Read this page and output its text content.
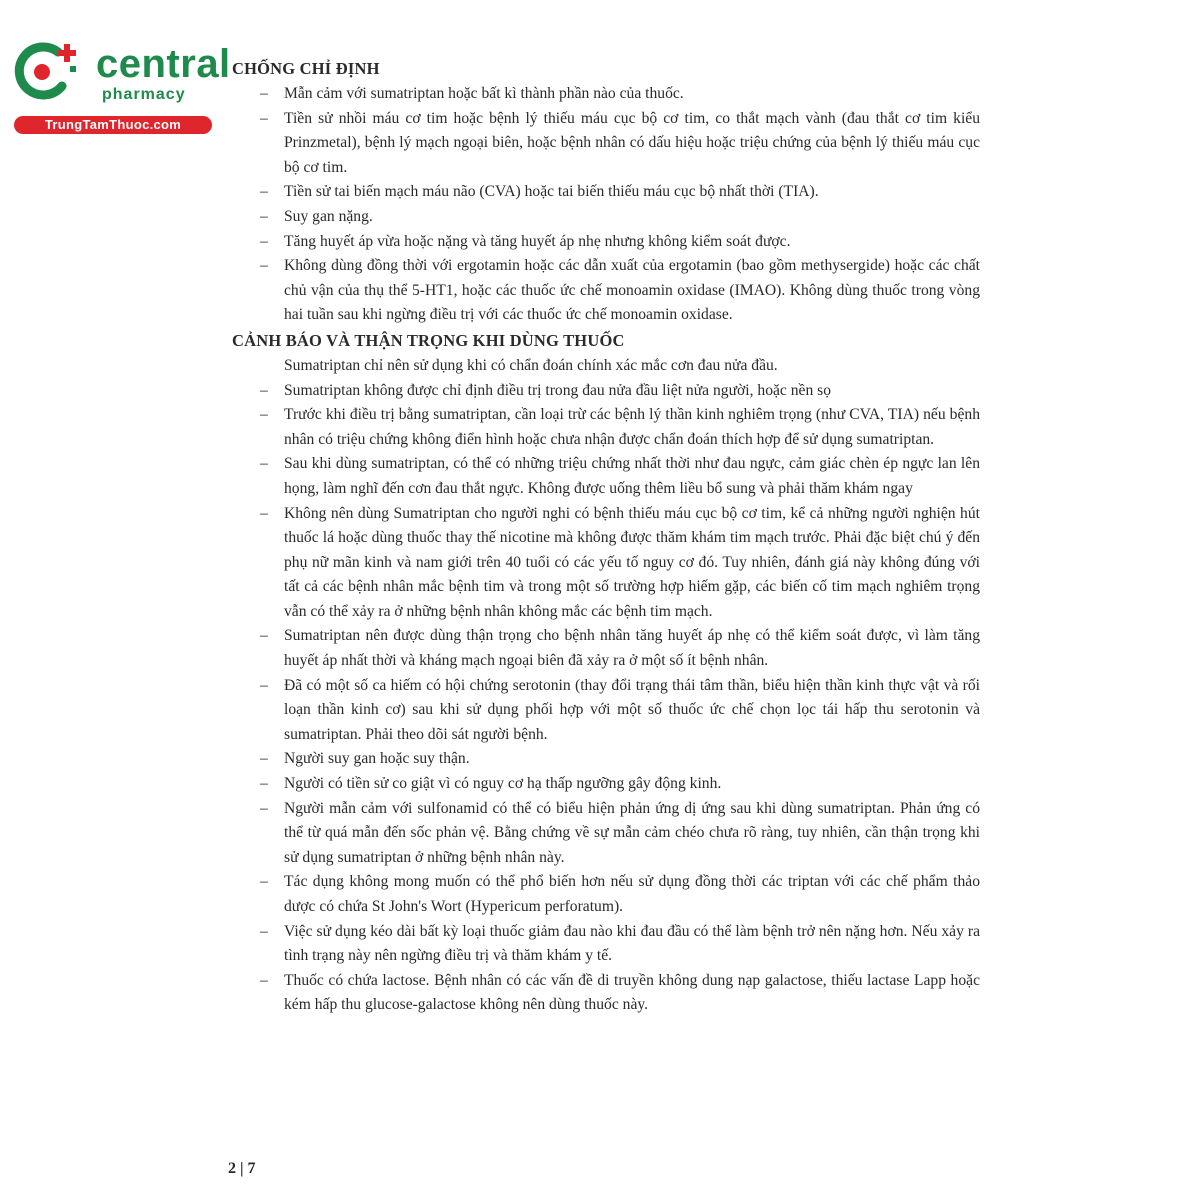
central
pharmacy
TrungTamThuoc.com
CHỐNG CHỈ ĐỊNH
– Mẫn cảm với sumatriptan hoặc bất kì thành phần nào của thuốc.
– Tiền sử nhồi máu cơ tim hoặc bệnh lý thiếu máu cục bộ cơ tim, co thắt mạch vành (đau thắt cơ tim kiểu Prinzmetal), bệnh lý mạch ngoại biên, hoặc bệnh nhân có dấu hiệu hoặc triệu chứng của bệnh lý thiếu máu cục bộ cơ tim.
– Tiền sử tai biến mạch máu não (CVA) hoặc tai biến thiếu máu cục bộ nhất thời (TIA).
– Suy gan nặng.
– Tăng huyết áp vừa hoặc nặng và tăng huyết áp nhẹ nhưng không kiểm soát được.
– Không dùng đồng thời với ergotamin hoặc các dẫn xuất của ergotamin (bao gồm methysergide) hoặc các chất chủ vận của thụ thể 5-HT1, hoặc các thuốc ức chế monoamin oxidase (IMAO). Không dùng thuốc trong vòng hai tuần sau khi ngừng điều trị với các thuốc ức chế monoamin oxidase.
CẢNH BÁO VÀ THẬN TRỌNG KHI DÙNG THUỐC
Sumatriptan chỉ nên sử dụng khi có chẩn đoán chính xác mắc cơn đau nửa đầu.
– Sumatriptan không được chỉ định điều trị trong đau nửa đầu liệt nửa người, hoặc nền sọ
– Trước khi điều trị bằng sumatriptan, cần loại trừ các bệnh lý thần kinh nghiêm trọng (như CVA, TIA) nếu bệnh nhân có triệu chứng không điển hình hoặc chưa nhận được chẩn đoán thích hợp để sử dụng sumatriptan.
– Sau khi dùng sumatriptan, có thể có những triệu chứng nhất thời như đau ngực, cảm giác chèn ép ngực lan lên họng, làm nghĩ đến cơn đau thắt ngực. Không được uống thêm liều bổ sung và phải thăm khám ngay
– Không nên dùng Sumatriptan cho người nghi có bệnh thiếu máu cục bộ cơ tim, kể cả những người nghiện hút thuốc lá hoặc dùng thuốc thay thế nicotine mà không được thăm khám tim mạch trước. Phải đặc biệt chú ý đến phụ nữ mãn kinh và nam giới trên 40 tuổi có các yếu tố nguy cơ đó. Tuy nhiên, đánh giá này không đúng với tất cả các bệnh nhân mắc bệnh tim và trong một số trường hợp hiếm gặp, các biến cố tim mạch nghiêm trọng vẫn có thể xảy ra ở những bệnh nhân không mắc các bệnh tim mạch.
– Sumatriptan nên được dùng thận trọng cho bệnh nhân tăng huyết áp nhẹ có thể kiểm soát được, vì làm tăng huyết áp nhất thời và kháng mạch ngoại biên đã xảy ra ở một số ít bệnh nhân.
– Đã có một số ca hiếm có hội chứng serotonin (thay đổi trạng thái tâm thần, biểu hiện thần kinh thực vật và rối loạn thần kinh cơ) sau khi sử dụng phối hợp với một số thuốc ức chế chọn lọc tái hấp thu serotonin và sumatriptan. Phải theo dõi sát người bệnh.
– Người suy gan hoặc suy thận.
– Người có tiền sử co giật vì có nguy cơ hạ thấp ngưỡng gây động kinh.
– Người mẫn cảm với sulfonamid có thể có biểu hiện phản ứng dị ứng sau khi dùng sumatriptan. Phản ứng có thể từ quá mẫn đến sốc phản vệ. Bằng chứng về sự mẫn cảm chéo chưa rõ ràng, tuy nhiên, cần thận trọng khi sử dụng sumatriptan ở những bệnh nhân này.
– Tác dụng không mong muốn có thể phổ biến hơn nếu sử dụng đồng thời các triptan với các chế phẩm thảo dược có chứa St John's Wort (Hypericum perforatum).
– Việc sử dụng kéo dài bất kỳ loại thuốc giảm đau nào khi đau đầu có thể làm bệnh trở nên nặng hơn. Nếu xảy ra tình trạng này nên ngừng điều trị và thăm khám y tế.
– Thuốc có chứa lactose. Bệnh nhân có các vấn đề di truyền không dung nạp galactose, thiếu lactase Lapp hoặc kém hấp thu glucose-galactose không nên dùng thuốc này.
2 | 7
